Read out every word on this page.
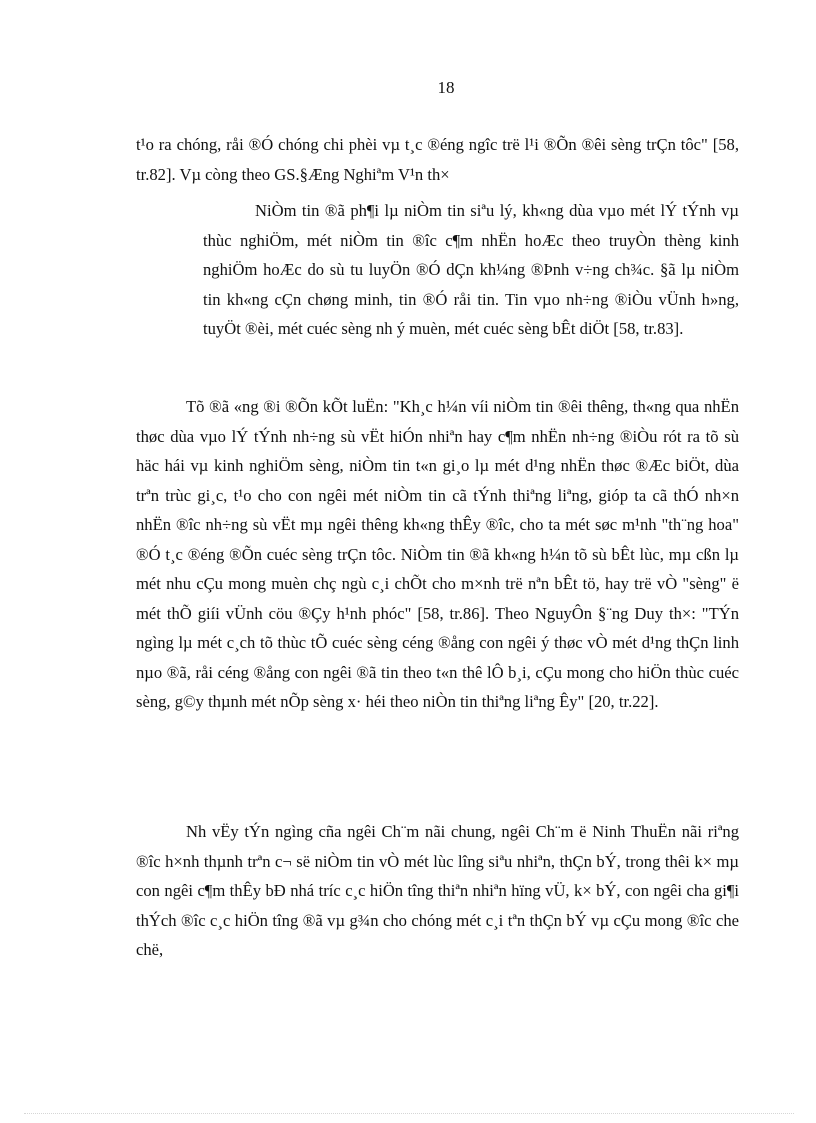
18

t¹o ra chóng, råi ®Ó chóng chi phèi vµ t¸c ®éng ngîc trë l¹i ®Õn ®êi sèng trÇn tôc" [58, tr.82]. Vµ còng theo GS.§Æng Nghiªm V¹n th×

NiÒm tin ®ã ph¶i lµ niÒm tin siªu lý, kh«ng dùa vµo mét lÝ tÝnh vµ thùc nghiÖm, mét niÒm tin ®îc c¶m nhËn hoÆc theo truyÒn thèng kinh nghiÖm hoÆc do sù tu luyÖn ®Ó dÇn kh¼ng ®Þnh v÷ng ch¾c. §ã lµ niÒm tin kh«ng cÇn chøng minh, tin ®Ó råi tin. Tin vµo nh÷ng ®iÒu vÜnh h»ng, tuyÖt ®èi, mét cuéc sèng nh ý muèn, mét cuéc sèng bÊt diÖt [58, tr.83].

Tõ ®ã «ng ®i ®Õn kÕt luËn: "Kh¸c h¼n víi niÒm tin ®êi thêng, th«ng qua nhËn thøc dùa vµo lÝ tÝnh nh÷ng sù vËt hiÓn nhiªn hay c¶m nhËn nh÷ng ®iÒu rót ra tõ sù häc hái vµ kinh nghiÖm sèng, niÒm tin t«n gi¸o lµ mét d¹ng nhËn thøc ®Æc biÖt, dùa trªn trùc gi¸c, t¹o cho con ngêi mét niÒm tin cã tÝnh thiªng liªng, gióp ta cã thÓ nh×n nhËn ®îc nh÷ng sù vËt mµ ngêi thêng kh«ng thÊy ®îc, cho ta mét søc m¹nh "th¨ng hoa" ®Ó t¸c ®éng ®Õn cuéc sèng trÇn tôc. NiÒm tin ®ã kh«ng h¼n tõ sù bÊt lùc, mµ cßn lµ mét nhu cÇu mong muèn chç ngù c¸i chÕt cho m×nh trë nªn bÊt tö, hay trë vÒ "sèng" ë mét thÕ giíi vÜnh cöu ®Çy h¹nh phóc" [58, tr.86]. Theo NguyÔn §¨ng Duy th×: "TÝn ngìng lµ mét c¸ch tõ thùc tÕ cuéc sèng céng ®ång con ngêi ý thøc vÒ mét d¹ng thÇn linh nµo ®ã, råi céng ®ång con ngêi ®ã tin theo t«n thê lÔ b¸i, cÇu mong cho hiÖn thùc cuéc sèng, g©y thµnh mét nÕp sèng x· héi theo niÒn tin thiªng liªng Êy" [20, tr.22].

Nh vËy tÝn ngìng cña ngêi Ch¨m nãi chung, ngêi Ch¨m ë Ninh ThuËn nãi riªng ®îc h×nh thµnh trªn c¬ së niÒm tin vÒ mét lùc lîng siªu nhiªn, thÇn bÝ, trong thêi k× mµ con ngêi c¶m thÊy bÐ nhá tríc c¸c hiÖn tîng thiªn nhiªn hïng vÜ, k× bÝ, con ngêi cha gi¶i thÝch ®îc c¸c hiÖn tîng ®ã vµ g¾n cho chóng mét c¸i tªn thÇn bÝ vµ cÇu mong ®îc che chë,
